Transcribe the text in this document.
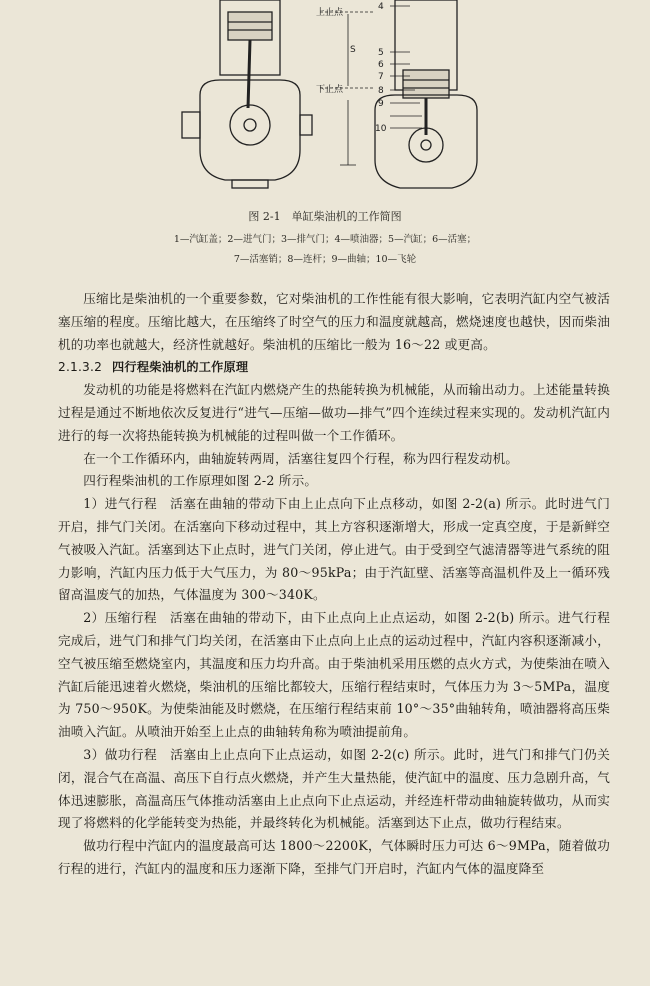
上止点
下止点
S
4
5
6
7
8
9
10
图 2-1　单缸柴油机的工作简图
1—汽缸盖；2—进气门；3—排气门；4—喷油器；5—汽缸；6—活塞；
7—活塞销；8—连杆；9—曲轴；10—飞轮

压缩比是柴油机的一个重要参数，它对柴油机的工作性能有很大影响，它表明汽缸内空气被活塞压缩的程度。压缩比越大，在压缩终了时空气的压力和温度就越高，燃烧速度也越快，因而柴油机的功率也就越大，经济性就越好。柴油机的压缩比一般为 16～22 或更高。

2.1.3.2 四行程柴油机的工作原理

发动机的功能是将燃料在汽缸内燃烧产生的热能转换为机械能，从而输出动力。上述能量转换过程是通过不断地依次反复进行“进气—压缩—做功—排气”四个连续过程来实现的。发动机汽缸内进行的每一次将热能转换为机械能的过程叫做一个工作循环。

在一个工作循环内，曲轴旋转两周，活塞往复四个行程，称为四行程发动机。

四行程柴油机的工作原理如图 2-2 所示。

1）进气行程　活塞在曲轴的带动下由上止点向下止点移动，如图 2-2(a) 所示。此时进气门开启，排气门关闭。在活塞向下移动过程中，其上方容积逐渐增大，形成一定真空度，于是新鲜空气被吸入汽缸。活塞到达下止点时，进气门关闭，停止进气。由于受到空气滤清器等进气系统的阻力影响，汽缸内压力低于大气压力，为 80～95kPa；由于汽缸壁、活塞等高温机件及上一循环残留高温废气的加热，气体温度为 300～340K。

2）压缩行程　活塞在曲轴的带动下，由下止点向上止点运动，如图 2-2(b) 所示。进气行程完成后，进气门和排气门均关闭，在活塞由下止点向上止点的运动过程中，汽缸内容积逐渐减小，空气被压缩至燃烧室内，其温度和压力均升高。由于柴油机采用压燃的点火方式，为使柴油在喷入汽缸后能迅速着火燃烧，柴油机的压缩比都较大，压缩行程结束时，气体压力为 3～5MPa，温度为 750～950K。为使柴油能及时燃烧，在压缩行程结束前 10°～35°曲轴转角，喷油器将高压柴油喷入汽缸。从喷油开始至上止点的曲轴转角称为喷油提前角。

3）做功行程　活塞由上止点向下止点运动，如图 2-2(c) 所示。此时，进气门和排气门仍关闭，混合气在高温、高压下自行点火燃烧，并产生大量热能，使汽缸中的温度、压力急剧升高，气体迅速膨胀，高温高压气体推动活塞由上止点向下止点运动，并经连杆带动曲轴旋转做功，从而实现了将燃料的化学能转变为热能，并最终转化为机械能。活塞到达下止点，做功行程结束。

做功行程中汽缸内的温度最高可达 1800～2200K，气体瞬时压力可达 6～9MPa，随着做功行程的进行，汽缸内的温度和压力逐渐下降，至排气门开启时，汽缸内气体的温度降至
